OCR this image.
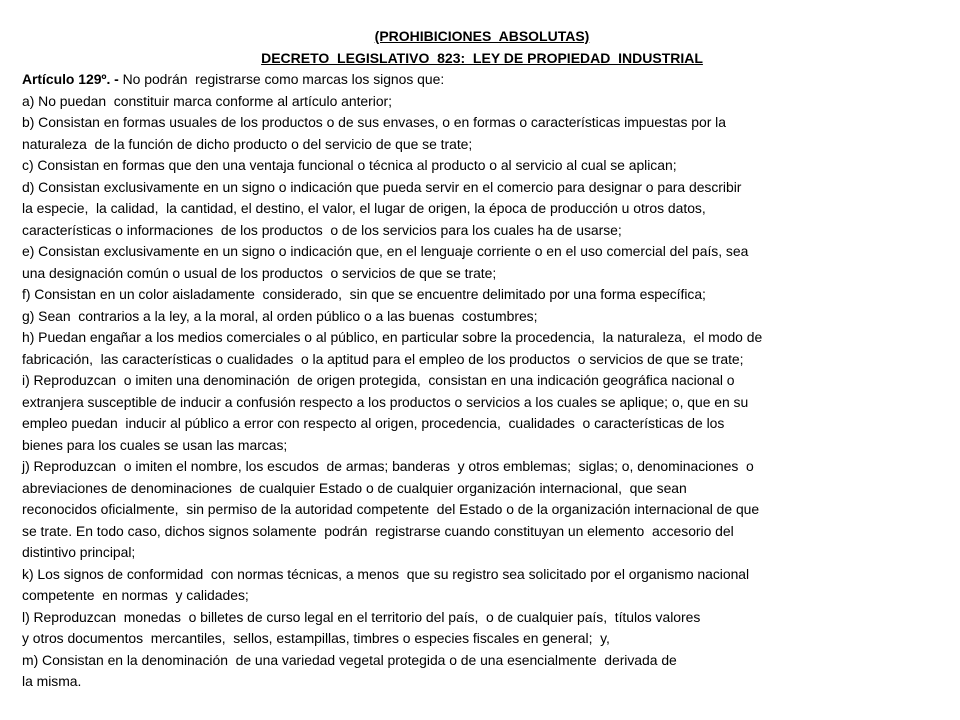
(PROHIBICIONES  ABSOLUTAS)

DECRETO  LEGISLATIVO  823:  LEY DE PROPIEDAD  INDUSTRIAL

Artículo 129º. - No podrán  registrarse como marcas los signos que:

a) No puedan  constituir marca conforme al artículo anterior;

b) Consistan en formas usuales de los productos o de sus envases, o en formas o características impuestas por la

naturaleza  de la función de dicho producto o del servicio de que se trate;

c) Consistan en formas que den una ventaja funcional o técnica al producto o al servicio al cual se aplican;

d) Consistan exclusivamente en un signo o indicación que pueda servir en el comercio para designar o para describir

la especie,  la calidad,  la cantidad, el destino, el valor, el lugar de origen, la época de producción u otros datos,

características o informaciones  de los productos  o de los servicios para los cuales ha de usarse;

e) Consistan exclusivamente en un signo o indicación que, en el lenguaje corriente o en el uso comercial del país, sea

una designación común o usual de los productos  o servicios de que se trate;

f) Consistan en un color aisladamente  considerado,  sin que se encuentre delimitado por una forma específica;

g) Sean  contrarios a la ley, a la moral, al orden público o a las buenas  costumbres;

h) Puedan engañar a los medios comerciales o al público, en particular sobre la procedencia,  la naturaleza,  el modo de

fabricación,  las características o cualidades  o la aptitud para el empleo de los productos  o servicios de que se trate;

i) Reproduzcan  o imiten una denominación  de origen protegida,  consistan en una indicación geográfica nacional o

extranjera susceptible de inducir a confusión respecto a los productos o servicios a los cuales se aplique; o, que en su

empleo puedan  inducir al público a error con respecto al origen, procedencia,  cualidades  o características de los

bienes para los cuales se usan las marcas;

j) Reproduzcan  o imiten el nombre, los escudos  de armas; banderas  y otros emblemas;  siglas; o, denominaciones  o

abreviaciones de denominaciones  de cualquier Estado o de cualquier organización internacional,  que sean

reconocidos oficialmente,  sin permiso de la autoridad competente  del Estado o de la organización internacional de que

se trate. En todo caso, dichos signos solamente  podrán  registrarse cuando constituyan un elemento  accesorio del

distintivo principal;

k) Los signos de conformidad  con normas técnicas, a menos  que su registro sea solicitado por el organismo nacional

competente  en normas  y calidades;

l) Reproduzcan  monedas  o billetes de curso legal en el territorio del país,  o de cualquier país,  títulos valores

y otros documentos  mercantiles,  sellos, estampillas, timbres o especies fiscales en general;  y,

m) Consistan en la denominación  de una variedad vegetal protegida o de una esencialmente  derivada de

la misma.
